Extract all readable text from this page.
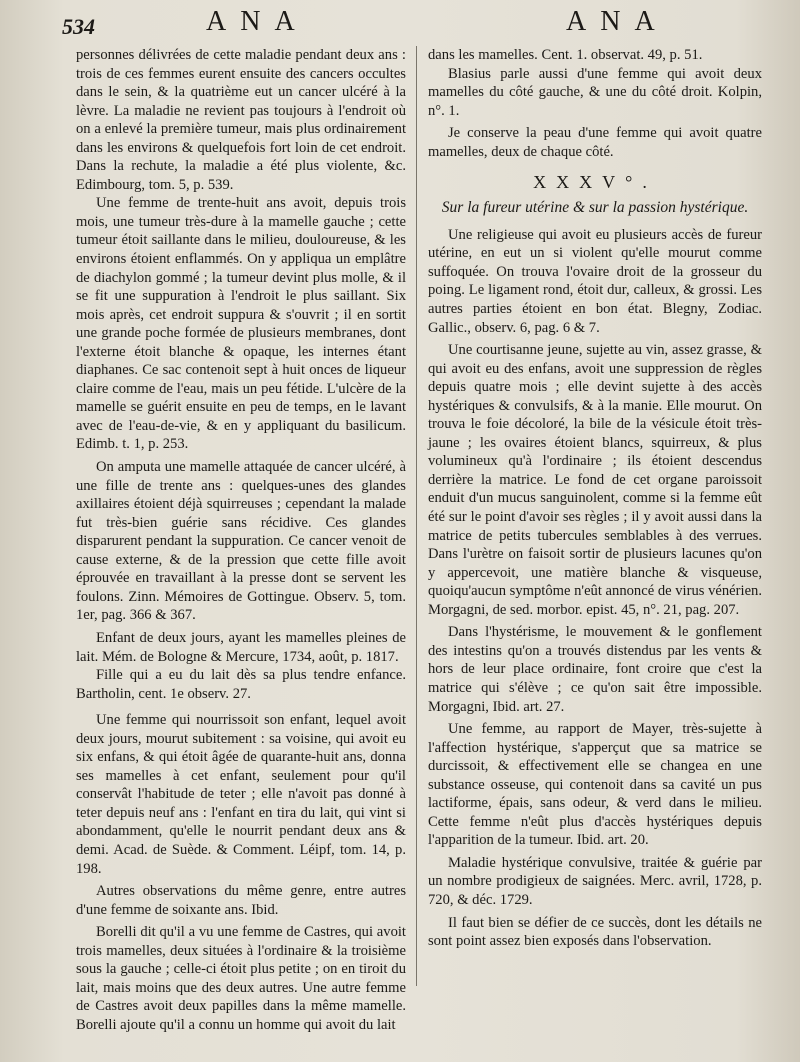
534	ANA	ANA

personnes délivrées de cette maladie pendant deux ans : trois de ces femmes eurent ensuite des cancers occultes dans le sein, & la quatrième eut un cancer ulcéré à la lèvre. La maladie ne revient pas toujours à l'endroit où on a enlevé la première tumeur, mais plus ordinairement dans les environs & quelquefois fort loin de cet endroit. Dans la rechute, la maladie a été plus violente, &c. Edimbourg, tom. 5, p. 539.

Une femme de trente-huit ans avoit, depuis trois mois, une tumeur très-dure à la mamelle gauche ; cette tumeur étoit saillante dans le milieu, douloureuse, & les environs étoient enflammés. On y appliqua un emplâtre de diachylon gommé ; la tumeur devint plus molle, & il se fit une suppuration à l'endroit le plus saillant. Six mois après, cet endroit suppura & s'ouvrit ; il en sortit une grande poche formée de plusieurs membranes, dont l'externe étoit blanche & opaque, les internes étant diaphanes. Ce sac contenoit sept à huit onces de liqueur claire comme de l'eau, mais un peu fétide. L'ulcère de la mamelle se guérit ensuite en peu de temps, en le lavant avec de l'eau-de-vie, & en y appliquant du basilicum. Edimb. t. 1, p. 253.

On amputa une mamelle attaquée de cancer ulcéré, à une fille de trente ans : quelques-unes des glandes axillaires étoient déjà squirreuses ; cependant la malade fut très-bien guérie sans récidive. Ces glandes disparurent pendant la suppuration. Ce cancer venoit de cause externe, & de la pression que cette fille avoit éprouvée en travaillant à la presse dont se servent les foulons. Zinn. Mémoires de Gottingue. Observ. 5, tom. 1er, pag. 366 & 367.

Enfant de deux jours, ayant les mamelles pleines de lait. Mém. de Bologne & Mercure, 1734, août, p. 1817.

Fille qui a eu du lait dès sa plus tendre enfance. Bartholin, cent. 1e observ. 27.

Une femme qui nourrissoit son enfant, lequel avoit deux jours, mourut subitement : sa voisine, qui avoit eu six enfans, & qui étoit âgée de quarante-huit ans, donna ses mamelles à cet enfant, seulement pour qu'il conservât l'habitude de teter ; elle n'avoit pas donné à teter depuis neuf ans : l'enfant en tira du lait, qui vint si abondamment, qu'elle le nourrit pendant deux ans & demi. Acad. de Suède. & Comment. Léipf, tom. 14, p. 198.

Autres observations du même genre, entre autres d'une femme de soixante ans. Ibid.

Borelli dit qu'il a vu une femme de Castres, qui avoit trois mamelles, deux situées à l'ordinaire & la troisième sous la gauche ; celle-ci étoit plus petite ; on en tiroit du lait, mais moins que des deux autres. Une autre femme de Castres avoit deux papilles dans la même mamelle. Borelli ajoute qu'il a connu un homme qui avoit du lait

dans les mamelles. Cent. 1. observat. 49, p. 51.

Blasius parle aussi d'une femme qui avoit deux mamelles du côté gauche, & une du côté droit. Kolpin, n°. 1.

Je conserve la peau d'une femme qui avoit quatre mamelles, deux de chaque côté.

XXXV°.
Sur la fureur utérine & sur la passion hystérique.

Une religieuse qui avoit eu plusieurs accès de fureur utérine, en eut un si violent qu'elle mourut comme suffoquée. On trouva l'ovaire droit de la grosseur du poing. Le ligament rond, étoit dur, calleux, & grossi. Les autres parties étoient en bon état. Blegny, Zodiac. Gallic., observ. 6, pag. 6 & 7.

Une courtisanne jeune, sujette au vin, assez grasse, & qui avoit eu des enfans, avoit une suppression de règles depuis quatre mois ; elle devint sujette à des accès hystériques & convulsifs, & à la manie. Elle mourut. On trouva le foie décoloré, la bile de la vésicule étoit très-jaune ; les ovaires étoient blancs, squirreux, & plus volumineux qu'à l'ordinaire ; ils étoient descendus derrière la matrice. Le fond de cet organe paroissoit enduit d'un mucus sanguinolent, comme si la femme eût été sur le point d'avoir ses règles ; il y avoit aussi dans la matrice de petits tubercules semblables à des verrues. Dans l'urètre on faisoit sortir de plusieurs lacunes qu'on y appercevoit, une matière blanche & visqueuse, quoiqu'aucun symptôme n'eût annoncé de virus vénérien. Morgagni, de sed. morbor. epist. 45, n°. 21, pag. 207.

Dans l'hystérisme, le mouvement & le gonflement des intestins qu'on a trouvés distendus par les vents & hors de leur place ordinaire, font croire que c'est la matrice qui s'élève ; ce qu'on sait être impossible. Morgagni, Ibid. art. 27.

Une femme, au rapport de Mayer, très-sujette à l'affection hystérique, s'apperçut que sa matrice se durcissoit, & effectivement elle se changea en une substance osseuse, qui contenoit dans sa cavité un pus lactiforme, épais, sans odeur, & verd dans le milieu. Cette femme n'eût plus d'accès hystériques depuis l'apparition de la tumeur. Ibid. art. 20.

Maladie hystérique convulsive, traitée & guérie par un nombre prodigieux de saignées. Merc. avril, 1728, p. 720, & déc. 1729.

Il faut bien se défier de ce succès, dont les détails ne sont point assez bien exposés dans l'observation.
